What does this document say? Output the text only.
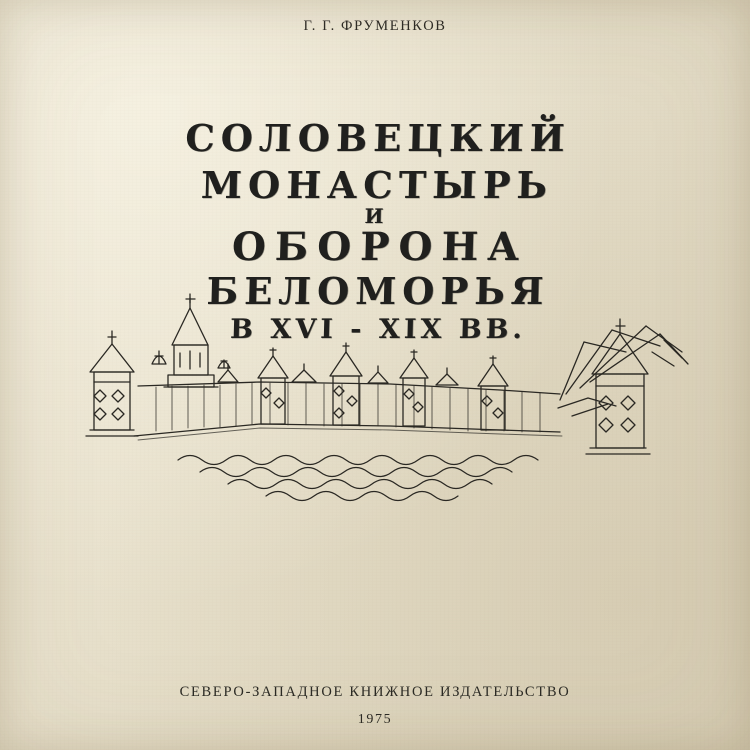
Г. Г. ФРУМЕНКОВ
СОЛОВЕЦКИЙ
МОНАСТЫРЬ
И
ОБОРОНА
БЕЛОМОРЬЯ
В XVI - XIX ВВ.
СЕВЕРО-ЗАПАДНОЕ КНИЖНОЕ ИЗДАТЕЛЬСТВО
1975
